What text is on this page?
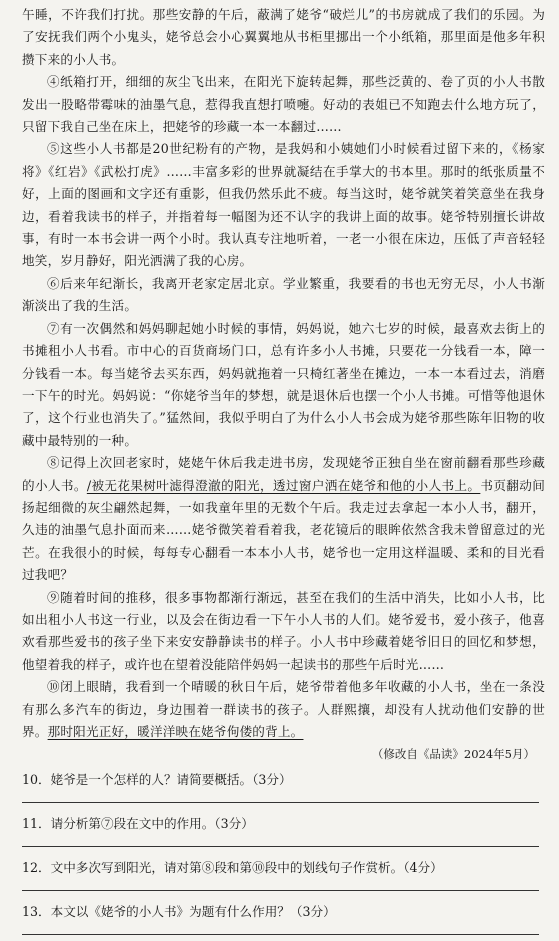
午睡，不许我们打扰。那些安静的午后，蔽满了姥爷“破烂儿”的书房就成了我们的乐园。为了安抚我们两个小鬼头，姥爷总会小心翼翼地从书柜里挪出一个小纸箱，那里面是他多年积攒下来的小人书。

④纸箱打开，细细的灰尘飞出来，在阳光下旋转起舞，那些泛黄的、卷了页的小人书散发出一股略带霉味的油墨气息，惹得我直想打喷嚏。好动的表姐已不知跑去什么地方玩了，只留下我自己坐在床上，把姥爷的珍藏一本一本翻过……

⑤这些小人书都是20世纪粉有的产物，是我妈和小姨她们小时候看过留下来的，《杨家将》《红岩》《武松打虎》……丰富多彩的世界就凝结在手掌大的书本里。那时的纸张质量不好，上面的图画和文字还有重影，但我仍然乐此不疲。每当这时，姥爷就笑着笑意坐在我身边，看着我读书的样子，并指着每一幅图为还不认字的我讲上面的故事。姥爷特别擅长讲故事，有时一本书会讲一两个小时。我认真专注地听着，一老一小很在床边，压低了声音轻轻地笑，岁月静好，阳光洒满了我的心房。

⑥后来年纪渐长，我离开老家定居北京。学业繁重，我要看的书也无穷无尽，小人书渐渐淡出了我的生活。

⑦有一次偶然和妈妈聊起她小时候的事情，妈妈说，她六七岁的时候，最喜欢去街上的书摊租小人书看。市中心的百货商场门口，总有许多小人书摊，只要花一分钱看一本，障一分钱看一本。每当姥爷去买东西，妈妈就拖着一只椅红著坐在摊边，一本一本看过去，消磨一下午的时光。妈妈说：“你姥爷当年的梦想，就是退休后也摆一个小人书摊。可惜等他退休了，这个行业也消失了。”猛然间，我似乎明白了为什么小人书会成为姥爷那些陈年旧物的收藏中最特别的一种。

⑧记得上次回老家时，姥姥午休后我走进书房，发现姥爷正独自坐在窗前翻看那些珍藏的小人书。/被无花果树叶滤得澄澈的阳光，透过窗户洒在姥爷和他的小人书上。书页翻动间扬起细微的灰尘翩然起舞，一如我童年里的无数个午后。我走过去拿起一本小人书，翻开，久违的油墨气息扑面而来……姥爷微笑着看着我，老花镜后的眼眸依然含我未曾留意过的光芒。在我很小的时候，每每专心翻看一本本小人书，姥爷也一定用这样温暖、柔和的目光看过我吧？

⑨随着时间的推移，很多事物都渐行渐远，甚至在我们的生活中消失，比如小人书，比如出租小人书这一行业，以及会在街边看一下午小人书的人们。姥爷爱书，爱小孩子，他喜欢看那些爱书的孩子坐下来安安静静读书的样子。小人书中珍藏着姥爷旧日的回忆和梦想，他望着我的样子，或许也在望着没能陪伴妈妈一起读书的那些午后时光……

⑩闭上眼睛，我看到一个晴暖的秋日午后，姥爷带着他多年收藏的小人书，坐在一条没有那么多汽车的街边，身边围着一群读书的孩子。人群熙攘，却没有人扰动他们安静的世界。那时阳光正好，暖洋洋映在姥爷佝偻的背上。

（修改自《品读》2024年5月）

10．姥爷是一个怎样的人？请简要概括。（3分）
11．请分析第⑦段在文中的作用。（3分）
12．文中多次写到阳光，请对第⑧段和第⑩段中的划线句子作赏析。（4分）
13．本文以《姥爷的小人书》为题有什么作用？（3分）
